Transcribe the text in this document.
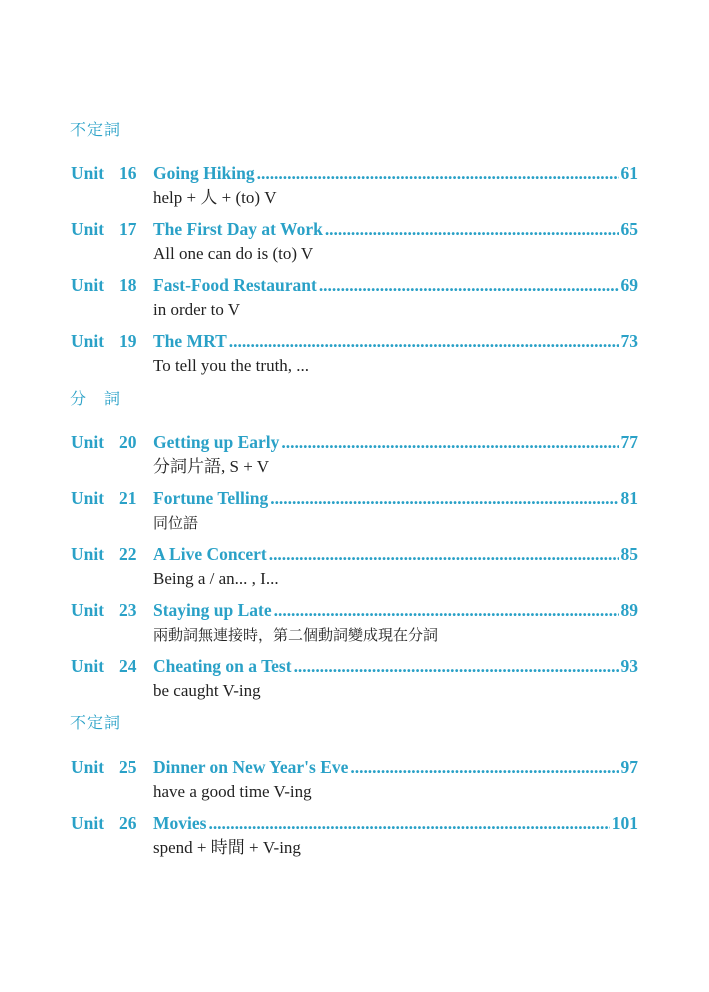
不定詞
分　詞
不定詞
Unit 16 Going Hiking . . .	61
help + 人 + (to) V
Unit 17 The First Day at Work . . .	65
All one can do is (to) V
Unit 18 Fast-Food Restaurant . . .	69
in order to V
Unit 19 The MRT . . .	73
To tell you the truth, ...
Unit 20 Getting up Early . . .	77
分詞片語, S + V
Unit 21 Fortune Telling . . .	81
同位語
Unit 22 A Live Concert . . .	85
Being a / an... , I...
Unit 23 Staying up Late . . .	89
兩動詞無連接時，第二個動詞變成現在分詞
Unit 24 Cheating on a Test . . .	93
be caught V-ing
Unit 25 Dinner on New Year's Eve . . .	97
have a good time V-ing
Unit 26 Movies . . .	101
spend + 時間 + V-ing
